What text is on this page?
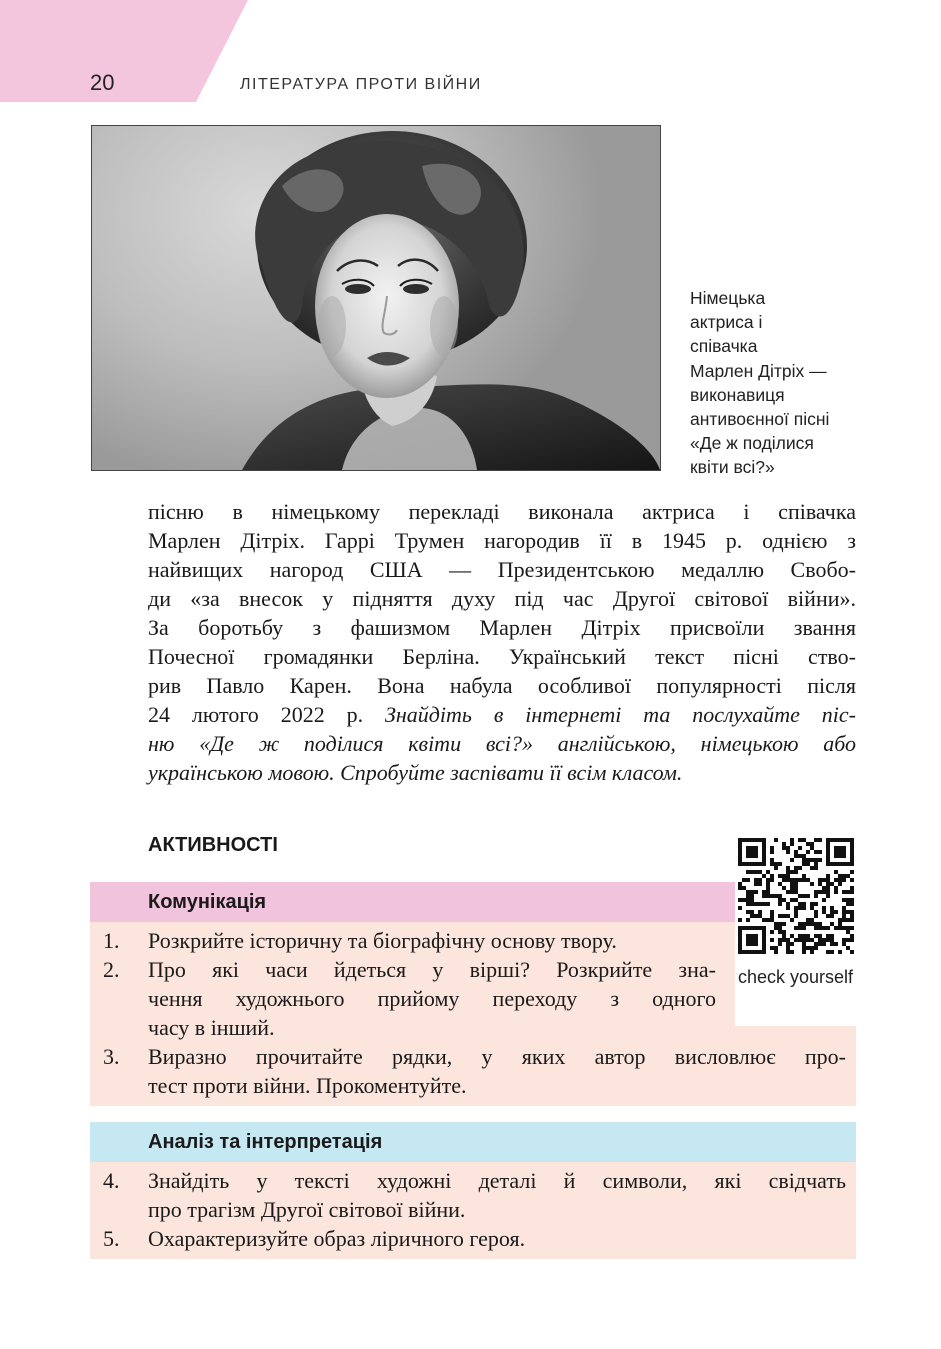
20	ЛІТЕРАТУРА ПРОТИ ВІЙНИ
Німецька
актриса і
співачка
Марлен Дітріх —
виконавиця
антивоєнної пісні
«Де ж поділися
квіти всі?»
пісню в німецькому перекладі виконала актриса і співачка
Марлен Дітріх. Гаррі Трумен нагородив її в 1945 р. однією з
найвищих нагород США — Президентською медаллю Свобо-
ди «за внесок у підняття духу під час Другої світової війни».
За боротьбу з фашизмом Марлен Дітріх присвоїли звання
Почесної громадянки Берліна. Український текст пісні ство-
рив Павло Карен. Вона набула особливої популярності після
24 лютого 2022 р. Знайдіть в інтернеті та послухайте піс-
ню «Де ж поділися квіти всі?» англійською, німецькою або
українською мовою. Спробуйте заспівати її всім класом.
АКТИВНОСТІ
Комунікація
1. Розкрийте історичну та біографічну основу твору.
2. Про які часи йдеться у вірші? Розкрийте зна-
чення художнього прийому переходу з одного
часу в інший.
3. Виразно прочитайте рядки, у яких автор висловлює про-
тест проти війни. Прокоментуйте.
Аналіз та інтерпретація
4. Знайдіть у тексті художні деталі й символи, які свідчать
про трагізм Другої світової війни.
5. Охарактеризуйте образ ліричного героя.
check yourself
